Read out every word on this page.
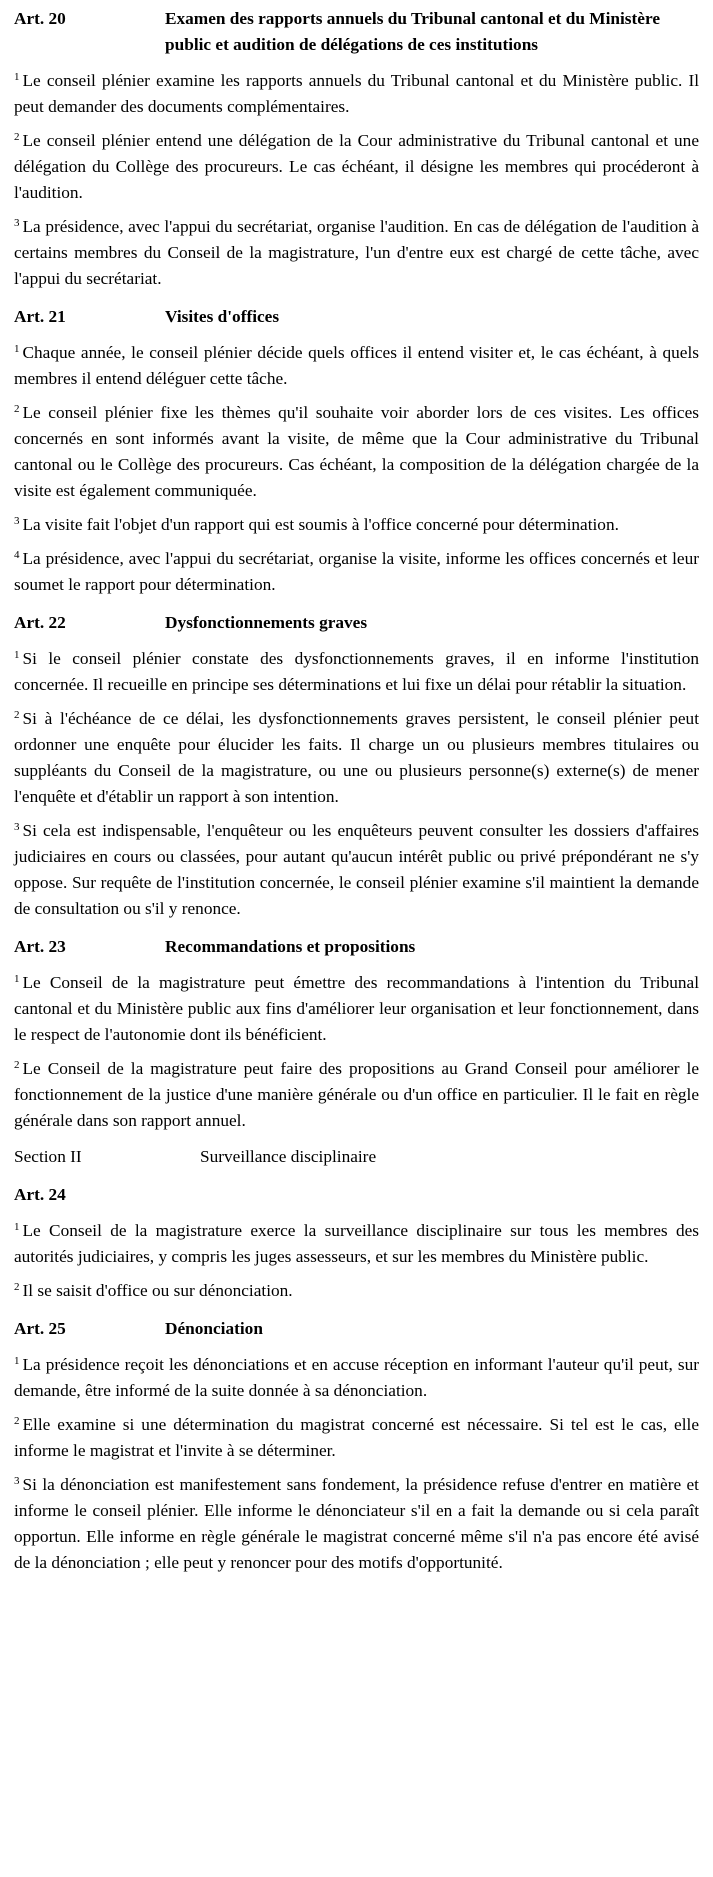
Art. 20	Examen des rapports annuels du Tribunal cantonal et du Ministère public et audition de délégations de ces institutions

$^1$ Le conseil plénier examine les rapports annuels du Tribunal cantonal et du Ministère public. Il peut demander des documents complémentaires.

$^2$ Le conseil plénier entend une délégation de la Cour administrative du Tribunal cantonal et une délégation du Collège des procureurs. Le cas échéant, il désigne les membres qui procéderont à l'audition.

$^3$ La présidence, avec l'appui du secrétariat, organise l'audition. En cas de délégation de l'audition à certains membres du Conseil de la magistrature, l'un d'entre eux est chargé de cette tâche, avec l'appui du secrétariat.

Art. 21	Visites d'offices

$^1$ Chaque année, le conseil plénier décide quels offices il entend visiter et, le cas échéant, à quels membres il entend déléguer cette tâche.

$^2$ Le conseil plénier fixe les thèmes qu'il souhaite voir aborder lors de ces visites. Les offices concernés en sont informés avant la visite, de même que la Cour administrative du Tribunal cantonal ou le Collège des procureurs. Cas échéant, la composition de la délégation chargée de la visite est également communiquée.

$^3$ La visite fait l'objet d'un rapport qui est soumis à l'office concerné pour détermination.

$^4$ La présidence, avec l'appui du secrétariat, organise la visite, informe les offices concernés et leur soumet le rapport pour détermination.

Art. 22	Dysfonctionnements graves

$^1$ Si le conseil plénier constate des dysfonctionnements graves, il en informe l'institution concernée. Il recueille en principe ses déterminations et lui fixe un délai pour rétablir la situation.

$^2$ Si à l'échéance de ce délai, les dysfonctionnements graves persistent, le conseil plénier peut ordonner une enquête pour élucider les faits. Il charge un ou plusieurs membres titulaires ou suppléants du Conseil de la magistrature, ou une ou plusieurs personne(s) externe(s) de mener l'enquête et d'établir un rapport à son intention.

$^3$ Si cela est indispensable, l'enquêteur ou les enquêteurs peuvent consulter les dossiers d'affaires judiciaires en cours ou classées, pour autant qu'aucun intérêt public ou privé prépondérant ne s'y oppose. Sur requête de l'institution concernée, le conseil plénier examine s'il maintient la demande de consultation ou s'il y renonce.

Art. 23	Recommandations et propositions

$^1$ Le Conseil de la magistrature peut émettre des recommandations à l'intention du Tribunal cantonal et du Ministère public aux fins d'améliorer leur organisation et leur fonctionnement, dans le respect de l'autonomie dont ils bénéficient.

$^2$ Le Conseil de la magistrature peut faire des propositions au Grand Conseil pour améliorer le fonctionnement de la justice d'une manière générale ou d'un office en particulier. Il le fait en règle générale dans son rapport annuel.

Section II	Surveillance disciplinaire
Art. 24

$^1$ Le Conseil de la magistrature exerce la surveillance disciplinaire sur tous les membres des autorités judiciaires, y compris les juges assesseurs, et sur les membres du Ministère public.

$^2$ Il se saisit d'office ou sur dénonciation.

Art. 25	Dénonciation

$^1$ La présidence reçoit les dénonciations et en accuse réception en informant l'auteur qu'il peut, sur demande, être informé de la suite donnée à sa dénonciation.

$^2$ Elle examine si une détermination du magistrat concerné est nécessaire. Si tel est le cas, elle informe le magistrat et l'invite à se déterminer.

$^3$ Si la dénonciation est manifestement sans fondement, la présidence refuse d'entrer en matière et informe le conseil plénier. Elle informe le dénonciateur s'il en a fait la demande ou si cela paraît opportun. Elle informe en règle générale le magistrat concerné même s'il n'a pas encore été avisé de la dénonciation ; elle peut y renoncer pour des motifs d'opportunité.
